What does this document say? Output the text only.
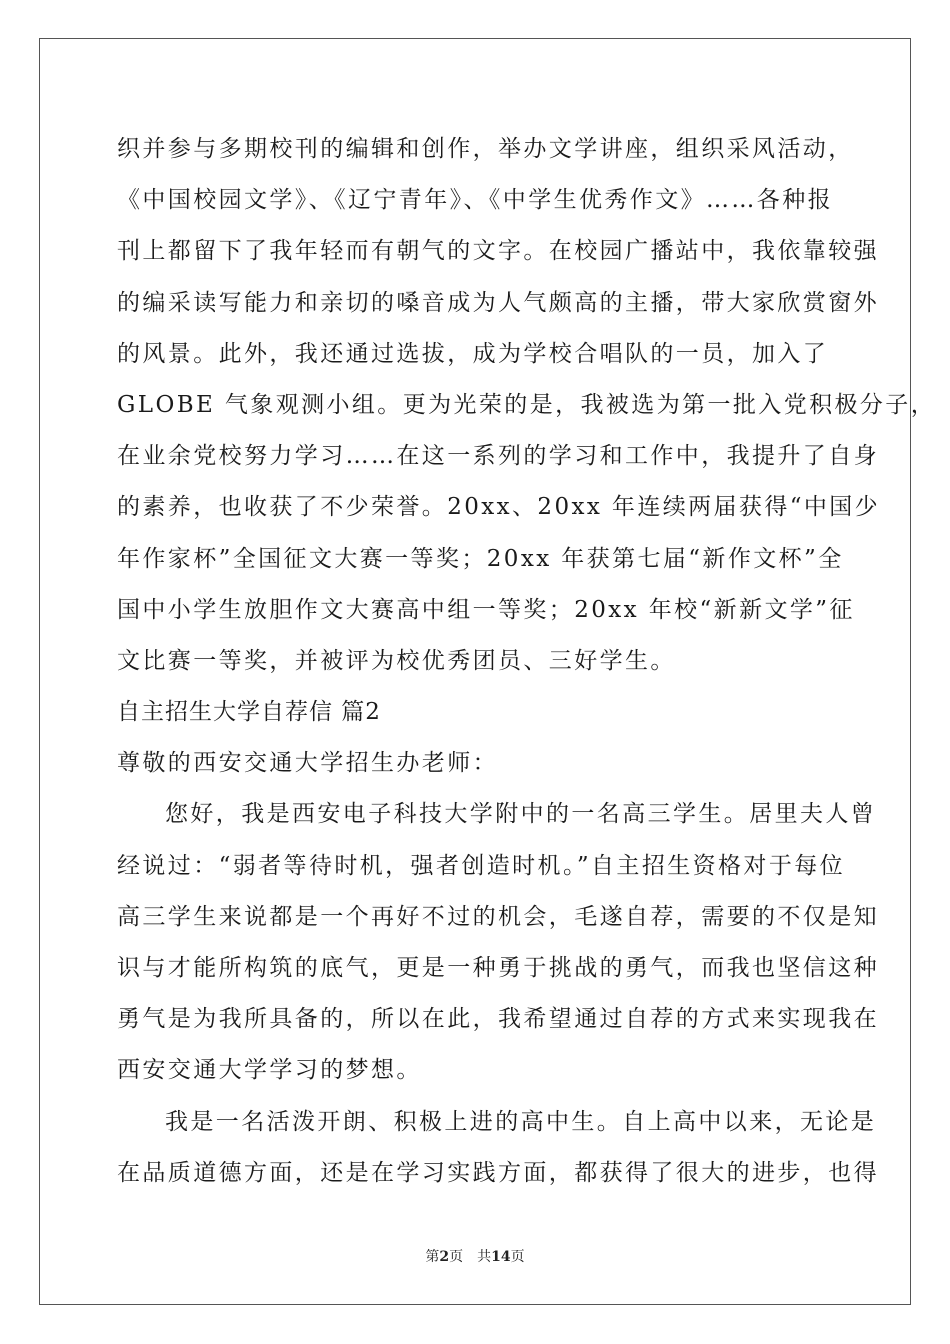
织并参与多期校刊的编辑和创作，举办文学讲座，组织采风活动，
《中国校园文学》、《辽宁青年》、《中学生优秀作文》……各种报
刊上都留下了我年轻而有朝气的文字。在校园广播站中，我依靠较强
的编采读写能力和亲切的嗓音成为人气颇高的主播，带大家欣赏窗外
的风景。此外，我还通过选拔，成为学校合唱队的一员，加入了
GLOBE 气象观测小组。更为光荣的是，我被选为第一批入党积极分子，
在业余党校努力学习……在这一系列的学习和工作中，我提升了自身
的素养，也收获了不少荣誉。20xx、20xx 年连续两届获得“中国少
年作家杯”全国征文大赛一等奖；20xx 年获第七届“新作文杯”全
国中小学生放胆作文大赛高中组一等奖；20xx 年校“新新文学”征
文比赛一等奖，并被评为校优秀团员、三好学生。
自主招生大学自荐信 篇2
尊敬的西安交通大学招生办老师：
您好，我是西安电子科技大学附中的一名高三学生。居里夫人曾
经说过：“弱者等待时机，强者创造时机。”自主招生资格对于每位
高三学生来说都是一个再好不过的机会，毛遂自荐，需要的不仅是知
识与才能所构筑的底气，更是一种勇于挑战的勇气，而我也坚信这种
勇气是为我所具备的，所以在此，我希望通过自荐的方式来实现我在
西安交通大学学习的梦想。
我是一名活泼开朗、积极上进的高中生。自上高中以来，无论是
在品质道德方面，还是在学习实践方面，都获得了很大的进步，也得
第2页 共14页
